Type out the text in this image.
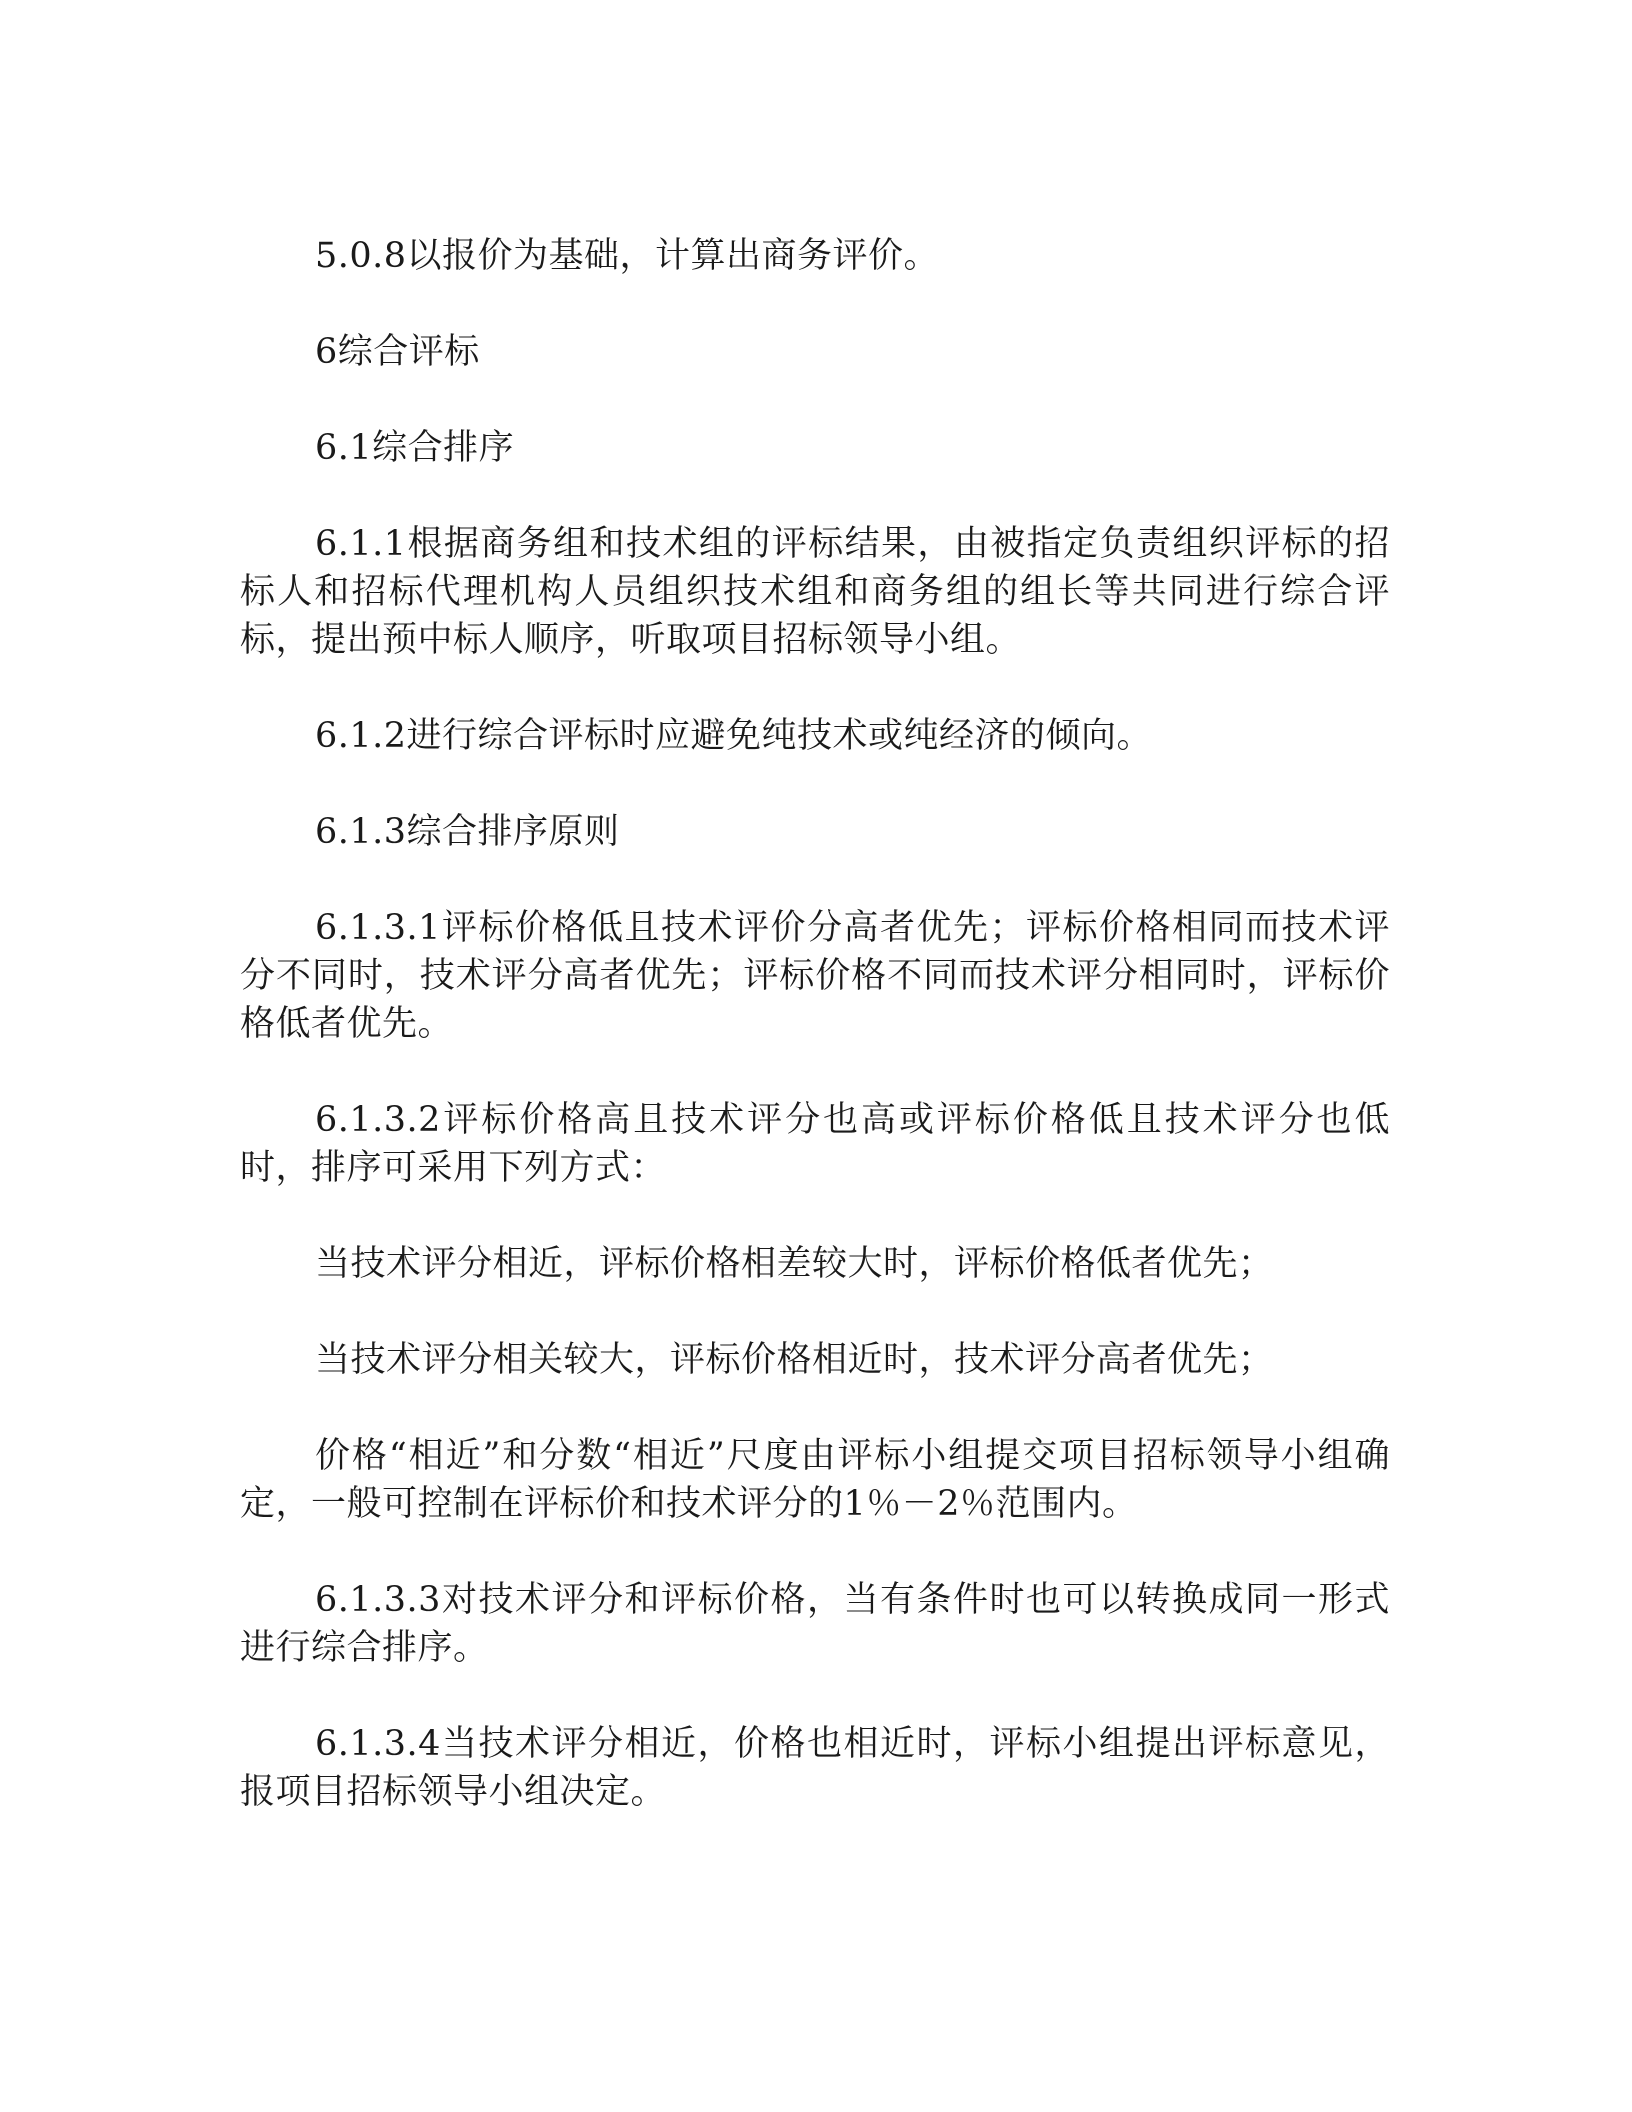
5.0.8以报价为基础，计算出商务评价。

6综合评标

6.1综合排序

6.1.1根据商务组和技术组的评标结果，由被指定负责组织评标的招标人和招标代理机构人员组织技术组和商务组的组长等共同进行综合评标，提出预中标人顺序，听取项目招标领导小组。

6.1.2进行综合评标时应避免纯技术或纯经济的倾向。

6.1.3综合排序原则

6.1.3.1评标价格低且技术评价分高者优先；评标价格相同而技术评分不同时，技术评分高者优先；评标价格不同而技术评分相同时，评标价格低者优先。

6.1.3.2评标价格高且技术评分也高或评标价格低且技术评分也低时，排序可采用下列方式：

当技术评分相近，评标价格相差较大时，评标价格低者优先；

当技术评分相关较大，评标价格相近时，技术评分高者优先；

价格“相近”和分数“相近”尺度由评标小组提交项目招标领导小组确定，一般可控制在评标价和技术评分的1％－2％范围内。

6.1.3.3对技术评分和评标价格，当有条件时也可以转换成同一形式进行综合排序。

6.1.3.4当技术评分相近，价格也相近时，评标小组提出评标意见，报项目招标领导小组决定。
